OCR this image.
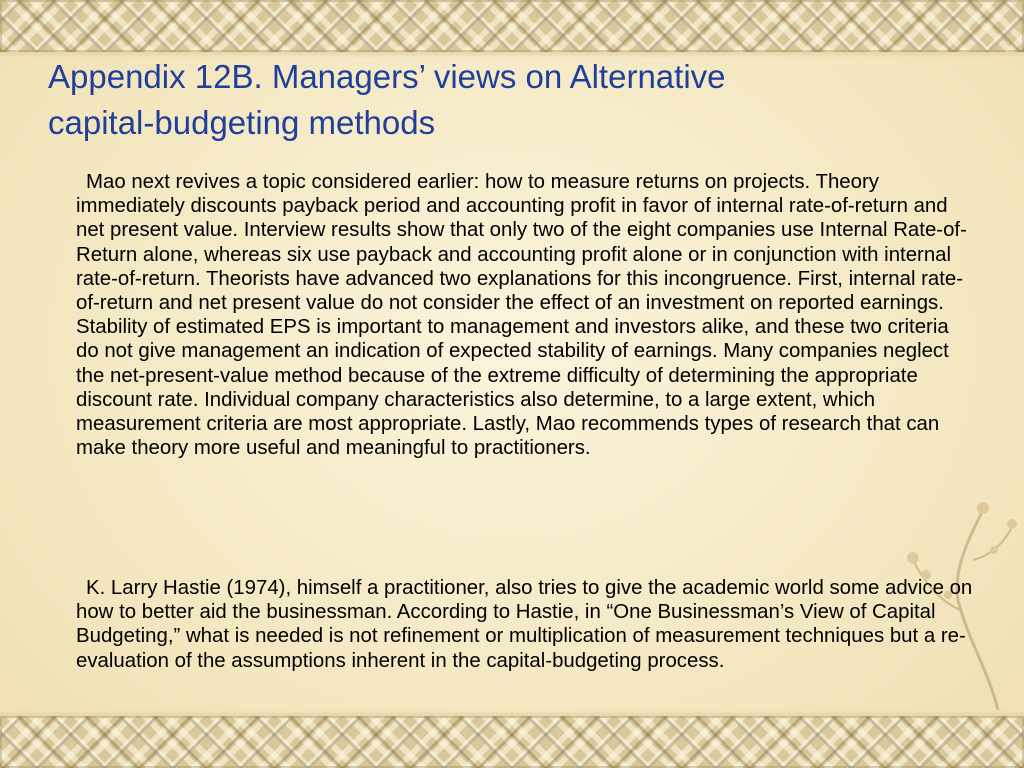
Appendix 12B. Managers’ views on Alternative
capital-budgeting methods

Mao next revives a topic considered earlier: how to measure returns on projects. Theory immediately discounts payback period and accounting profit in favor of internal rate-of-return and net present value. Interview results show that only two of the eight companies use Internal Rate-of-Return alone, whereas six use payback and accounting profit alone or in conjunction with internal rate-of-return. Theorists have advanced two explanations for this incongruence. First, internal rate-of-return and net present value do not consider the effect of an investment on reported earnings. Stability of estimated EPS is important to management and investors alike, and these two criteria do not give management an indication of expected stability of earnings. Many companies neglect the net-present-value method because of the extreme difficulty of determining the appropriate discount rate. Individual company characteristics also determine, to a large extent, which measurement criteria are most appropriate. Lastly, Mao recommends types of research that can make theory more useful and meaningful to practitioners.

K. Larry Hastie (1974), himself a practitioner, also tries to give the academic world some advice on how to better aid the businessman. According to Hastie, in “One Businessman’s View of Capital Budgeting,” what is needed is not refinement or multiplication of measurement techniques but a re-evaluation of the assumptions inherent in the capital-budgeting process.
